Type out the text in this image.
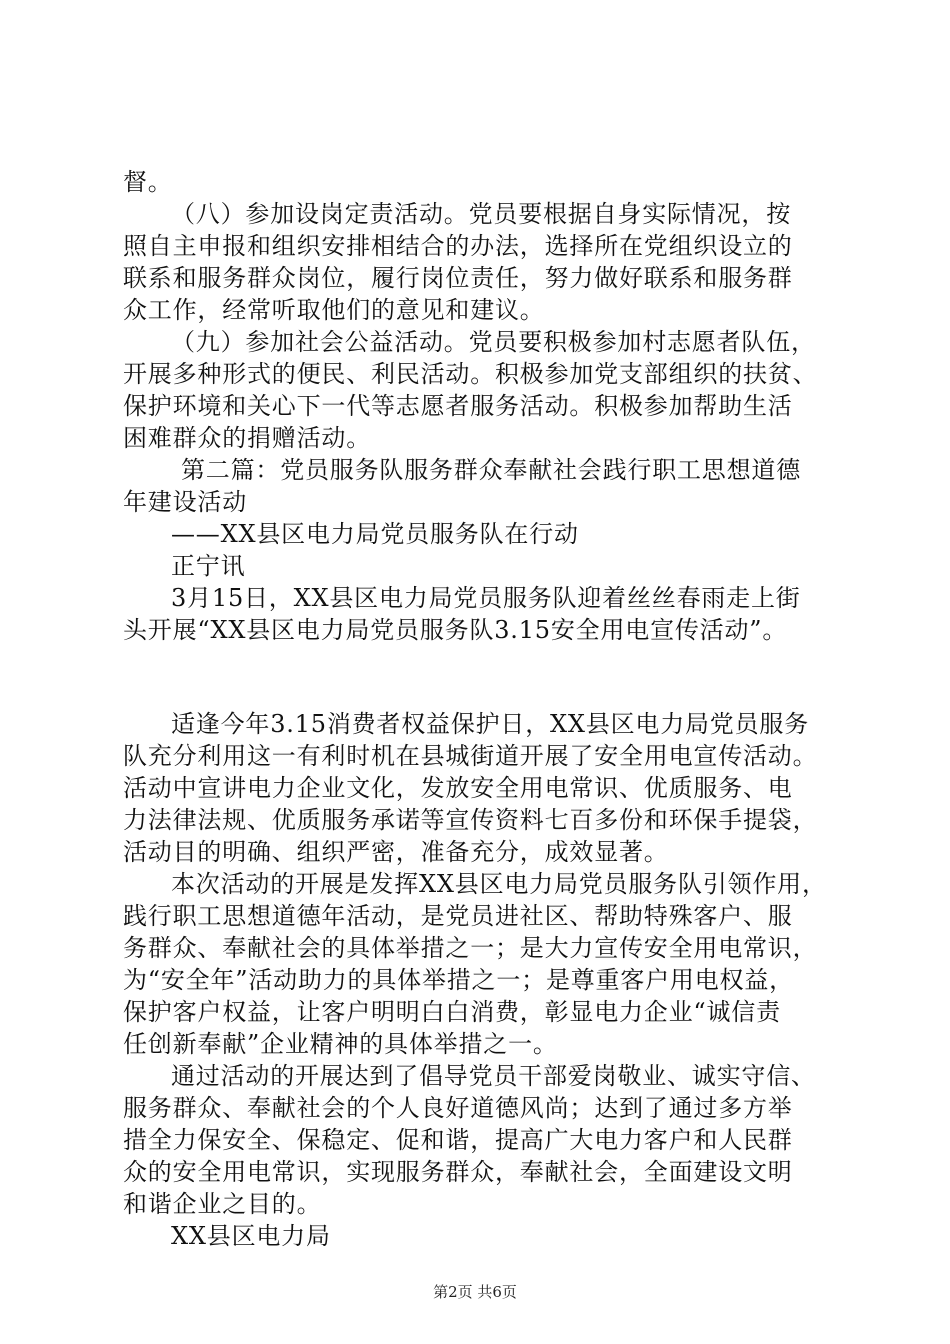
督。
（八）参加设岗定责活动。党员要根据自身实际情况，按
照自主申报和组织安排相结合的办法，选择所在党组织设立的
联系和服务群众岗位，履行岗位责任，努力做好联系和服务群
众工作，经常听取他们的意见和建议。
（九）参加社会公益活动。党员要积极参加村志愿者队伍，
开展多种形式的便民、利民活动。积极参加党支部组织的扶贫、
保护环境和关心下一代等志愿者服务活动。积极参加帮助生活
困难群众的捐赠活动。
第二篇：党员服务队服务群众奉献社会践行职工思想道德
年建设活动
——XX县区电力局党员服务队在行动
正宁讯
3月15日，XX县区电力局党员服务队迎着丝丝春雨走上街
头开展“XX县区电力局党员服务队3.15安全用电宣传活动”。
适逢今年3.15消费者权益保护日，XX县区电力局党员服务
队充分利用这一有利时机在县城街道开展了安全用电宣传活动。
活动中宣讲电力企业文化，发放安全用电常识、优质服务、电
力法律法规、优质服务承诺等宣传资料七百多份和环保手提袋，
活动目的明确、组织严密，准备充分，成效显著。
本次活动的开展是发挥XX县区电力局党员服务队引领作用，
践行职工思想道德年活动，是党员进社区、帮助特殊客户、服
务群众、奉献社会的具体举措之一；是大力宣传安全用电常识，
为“安全年”活动助力的具体举措之一；是尊重客户用电权益，
保护客户权益，让客户明明白白消费，彰显电力企业“诚信责
任创新奉献”企业精神的具体举措之一。
通过活动的开展达到了倡导党员干部爱岗敬业、诚实守信、
服务群众、奉献社会的个人良好道德风尚；达到了通过多方举
措全力保安全、保稳定、促和谐，提高广大电力客户和人民群
众的安全用电常识，实现服务群众，奉献社会，全面建设文明
和谐企业之目的。
XX县区电力局
第2页 共6页
